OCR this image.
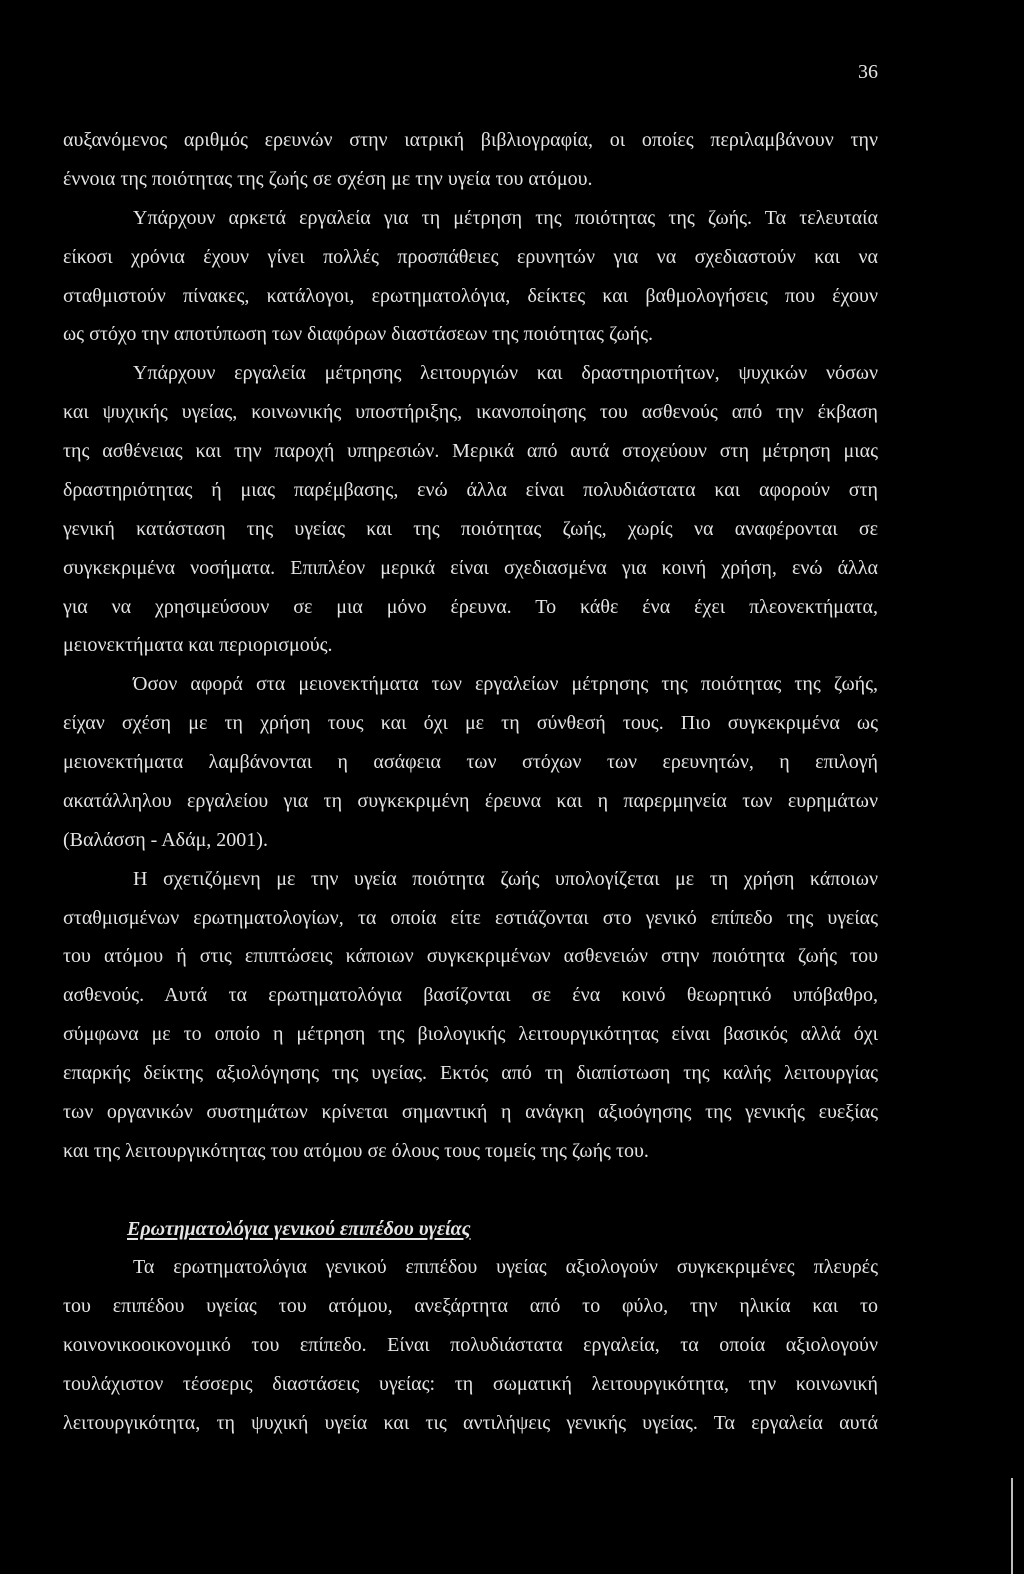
36
αυξανόμενος αριθμός ερευνών στην ιατρική βιβλιογραφία, οι οποίες περιλαμβάνουν την
έννοια της ποιότητας της ζωής σε σχέση με την υγεία του ατόμου.
Υπάρχουν αρκετά εργαλεία για τη μέτρηση της ποιότητας της ζωής. Τα τελευταία
είκοσι χρόνια έχουν γίνει πολλές προσπάθειες ερυνητών για να σχεδιαστούν και να
σταθμιστούν πίνακες, κατάλογοι, ερωτηματολόγια, δείκτες και βαθμολογήσεις που έχουν
ως στόχο την αποτύπωση των διαφόρων διαστάσεων της ποιότητας ζωής.
Υπάρχουν εργαλεία μέτρησης λειτουργιών και δραστηριοτήτων, ψυχικών νόσων
και ψυχικής υγείας, κοινωνικής υποστήριξης, ικανοποίησης του ασθενούς από την έκβαση
της ασθένειας και την παροχή υπηρεσιών. Μερικά από αυτά στοχεύουν στη μέτρηση μιας
δραστηριότητας ή μιας παρέμβασης, ενώ άλλα είναι πολυδιάστατα και αφορούν στη
γενική κατάσταση της υγείας και της ποιότητας ζωής, χωρίς να αναφέρονται σε
συγκεκριμένα νοσήματα. Επιπλέον μερικά είναι σχεδιασμένα για κοινή χρήση, ενώ άλλα
για να χρησιμεύσουν σε μια μόνο έρευνα. Το κάθε ένα έχει πλεονεκτήματα,
μειονεκτήματα και περιορισμούς.
Όσον αφορά στα μειονεκτήματα των εργαλείων μέτρησης της ποιότητας της ζωής,
είχαν σχέση με τη χρήση τους και όχι με τη σύνθεσή τους. Πιο συγκεκριμένα ως
μειονεκτήματα λαμβάνονται η ασάφεια των στόχων των ερευνητών, η επιλογή
ακατάλληλου εργαλείου για τη συγκεκριμένη έρευνα και η παρερμηνεία των ευρημάτων
(Βαλάσση - Αδάμ, 2001).
Η σχετιζόμενη με την υγεία ποιότητα ζωής υπολογίζεται με τη χρήση κάποιων
σταθμισμένων ερωτηματολογίων, τα οποία είτε εστιάζονται στο γενικό επίπεδο της υγείας
του ατόμου ή στις επιπτώσεις κάποιων συγκεκριμένων ασθενειών στην ποιότητα ζωής του
ασθενούς. Αυτά τα ερωτηματολόγια βασίζονται σε ένα κοινό θεωρητικό υπόβαθρο,
σύμφωνα με το οποίο η μέτρηση της βιολογικής λειτουργικότητας είναι βασικός αλλά όχι
επαρκής δείκτης αξιολόγησης της υγείας. Εκτός από τη διαπίστωση της καλής λειτουργίας
των οργανικών συστημάτων κρίνεται σημαντική η ανάγκη αξιοόγησης της γενικής ευεξίας
και της λειτουργικότητας του ατόμου σε όλους τους τομείς της ζωής του.
Ερωτηματολόγια γενικού επιπέδου υγείας
Τα ερωτηματολόγια γενικού επιπέδου υγείας αξιολογούν συγκεκριμένες πλευρές
του επιπέδου υγείας του ατόμου, ανεξάρτητα από το φύλο, την ηλικία και το
κοινονικοοικονομικό του επίπεδο. Είναι πολυδιάστατα εργαλεία, τα οποία αξιολογούν
τουλάχιστον τέσσερις διαστάσεις υγείας: τη σωματική λειτουργικότητα, την κοινωνική
λειτουργικότητα, τη ψυχική υγεία και τις αντιλήψεις γενικής υγείας. Τα εργαλεία αυτά
